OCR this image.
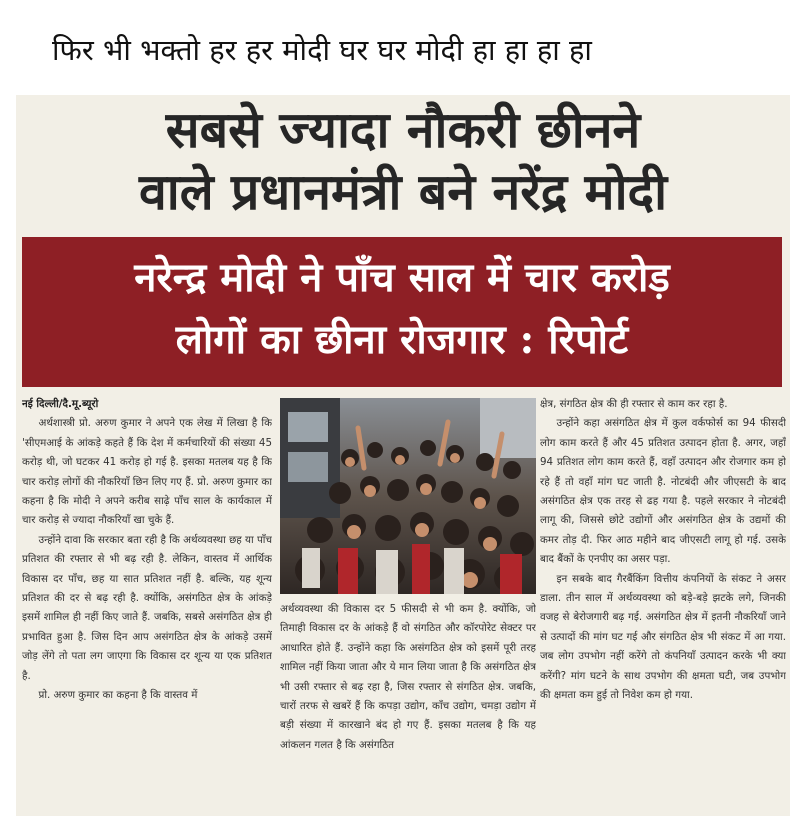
फिर भी भक्तो हर हर मोदी घर घर मोदी हा हा हा हा
सबसे ज्यादा नौकरी छीनने
वाले प्रधानमंत्री बने नरेंद्र मोदी
नरेन्द्र मोदी ने पाँच साल में चार करोड़
लोगों का छीना रोजगार : रिपोर्ट

नई दिल्ली/दै.मू.ब्यूरो

अर्थशास्त्री प्रो. अरुण कुमार ने अपने एक लेख में लिखा है कि 'सीएमआई के आंकड़े कहते हैं कि देश में कर्मचारियों की संख्या 45 करोड़ थी, जो घटकर 41 करोड़ हो गई है. इसका मतलब यह है कि चार करोड़ लोगों की नौकरियाँ छिन लिए गए हैं. प्रो. अरुण कुमार का कहना है कि मोदी ने अपने करीब साढ़े पाँच साल के कार्यकाल में चार करोड़ से ज्यादा नौकरियाँ खा चुके हैं.

उन्होंने दावा कि सरकार बता रही है कि अर्थव्यवस्था छह या पाँच प्रतिशत की रफ्तार से भी बढ़ रही है. लेकिन, वास्तव में आर्थिक विकास दर पाँच, छह या सात प्रतिशत नहीं है. बल्कि, यह शून्य प्रतिशत की दर से बढ़ रही है. क्योंकि, असंगठित क्षेत्र के आंकड़े इसमें शामिल ही नहीं किए जाते हैं. जबकि, सबसे असंगठित क्षेत्र ही प्रभावित हुआ है. जिस दिन आप असंगठित क्षेत्र के आंकड़े उसमें जोड़ लेंगे तो पता लग जाएगा कि विकास दर शून्य या एक प्रतिशत है.

प्रो. अरुण कुमार का कहना है कि वास्तव में

अर्थव्यवस्था की विकास दर 5 फीसदी से भी कम है. क्योंकि, जो तिमाही विकास दर के आंकड़े हैं वो संगठित और कॉरपोरेट सेक्टर पर आधारित होते हैं. उन्होंने कहा कि असंगठित क्षेत्र को इसमें पूरी तरह शामिल नहीं किया जाता और ये मान लिया जाता है कि असंगठित क्षेत्र भी उसी रफ्तार से बढ़ रहा है, जिस रफ्तार से संगठित क्षेत्र. जबकि, चारों तरफ से खबरें हैं कि कपड़ा उद्योग, काँच उद्योग, चमड़ा उद्योग में बड़ी संख्या में कारखाने बंद हो गए हैं. इसका मतलब है कि यह आंकलन गलत है कि असंगठित

क्षेत्र, संगठित क्षेत्र की ही रफ्तार से काम कर रहा है.

उन्होंने कहा असंगठित क्षेत्र में कुल वर्कफोर्स का 94 फीसदी लोग काम करते हैं और 45 प्रतिशत उत्पादन होता है. अगर, जहाँ 94 प्रतिशत लोग काम करते हैं, वहाँ उत्पादन और रोजगार कम हो रहे हैं तो वहाँ मांग घट जाती है. नोटबंदी और जीएसटी के बाद असंगठित क्षेत्र एक तरह से ढह गया है. पहले सरकार ने नोटबंदी लागू की, जिससे छोटे उद्योगों और असंगठित क्षेत्र के उद्यमों की कमर तोड़ दी. फिर आठ महीने बाद जीएसटी लागू हो गई. उसके बाद बैंकों के एनपीए का असर पड़ा.

इन सबके बाद गैरबैंकिंग वित्तीय कंपनियों के संकट ने असर डाला. तीन साल में अर्थव्यवस्था को बड़े-बड़े झटके लगे, जिनकी वजह से बेरोजगारी बढ़ गई. असंगठित क्षेत्र में इतनी नौकरियाँ जाने से उत्पादों की मांग घट गई और संगठित क्षेत्र भी संकट में आ गया. जब लोग उपभोग नहीं करेंगे तो कंपनियाँ उत्पादन करके भी क्या करेंगी? मांग घटने के साथ उपभोग की क्षमता घटी, जब उपभोग की क्षमता कम हुई तो निवेश कम हो गया.
